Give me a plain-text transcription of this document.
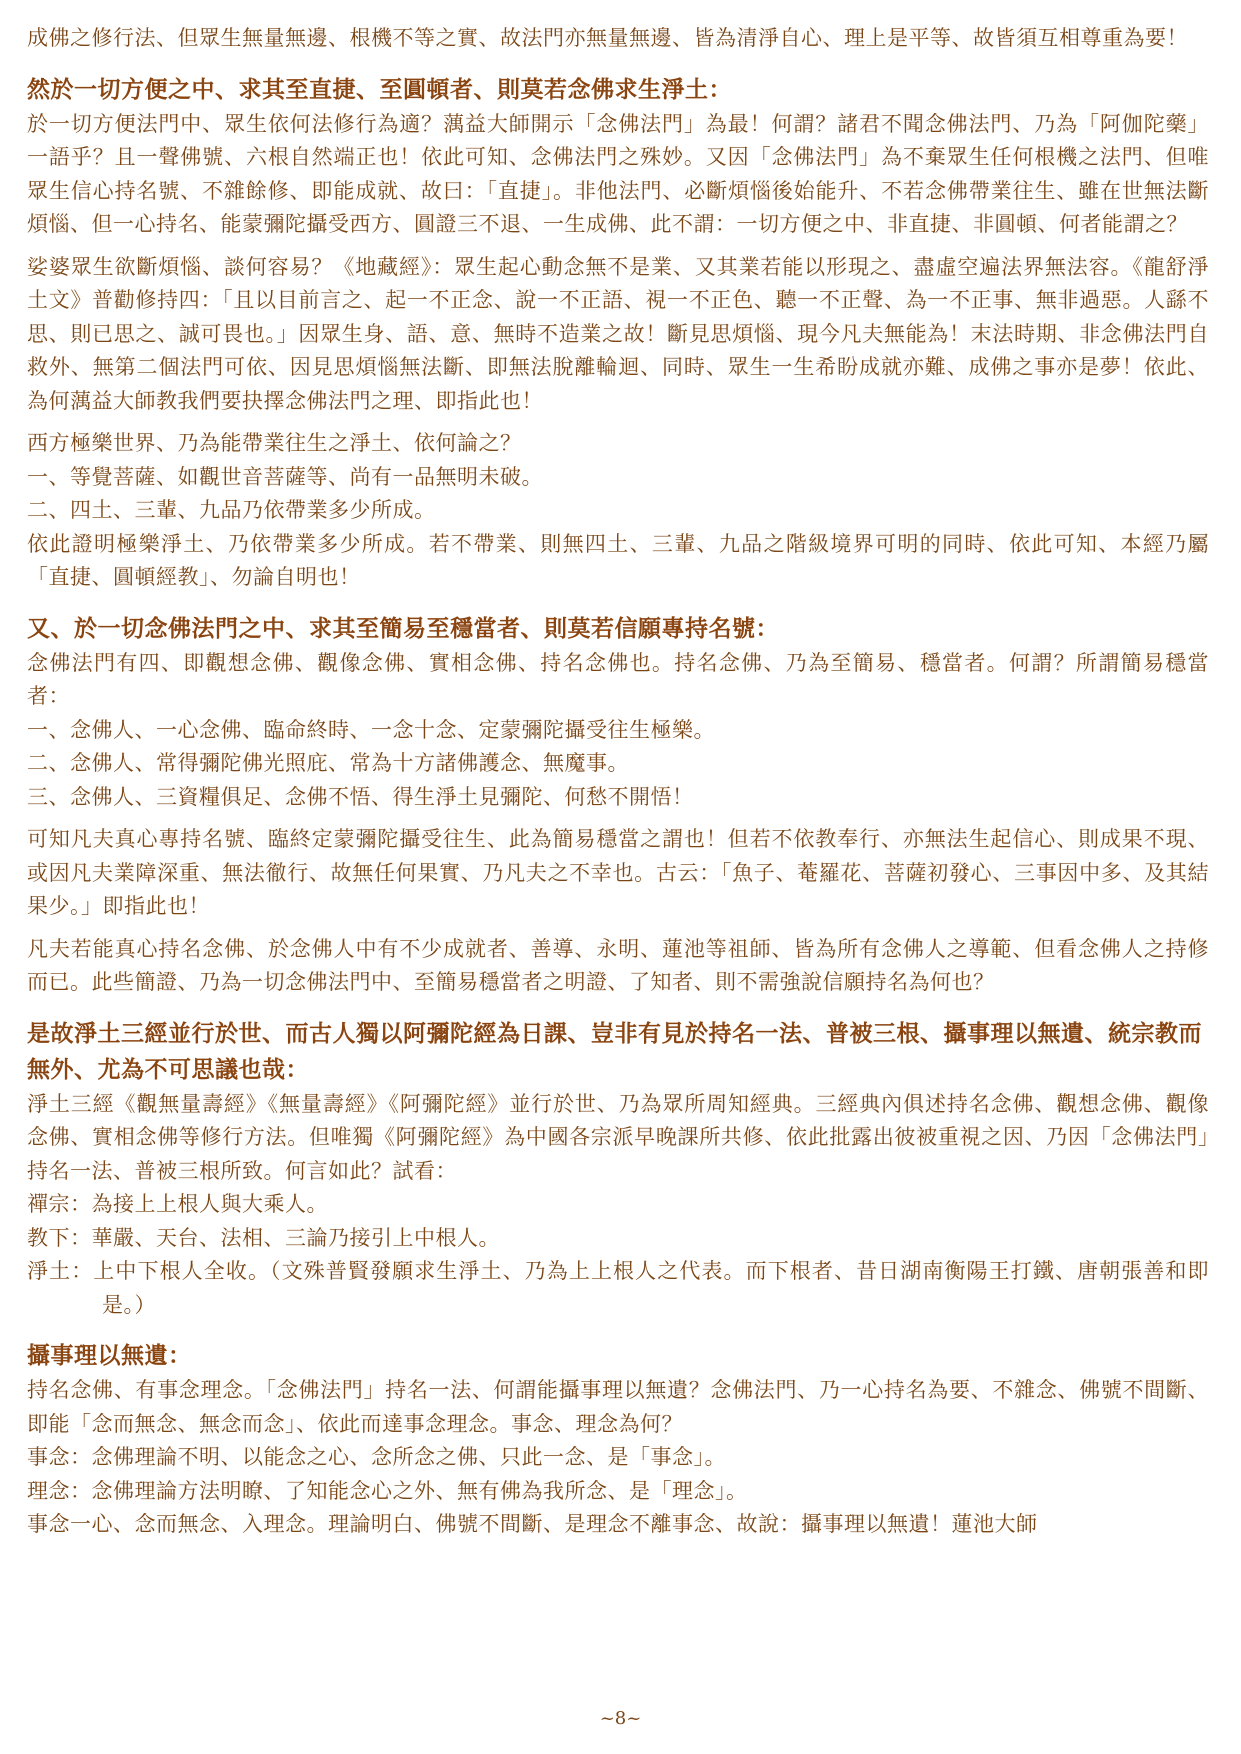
成佛之修行法、但眾生無量無邊、根機不等之實、故法門亦無量無邊、皆為清淨自心、理上是平等、故皆須互相尊重為要！

然於一切方便之中、求其至直捷、至圓頓者、則莫若念佛求生淨土：

於一切方便法門中、眾生依何法修行為適？蕅益大師開示「念佛法門」為最！何謂？諸君不聞念佛法門、乃為「阿伽陀藥」一語乎？且一聲佛號、六根自然端正也！依此可知、念佛法門之殊妙。又因「念佛法門」為不棄眾生任何根機之法門、但唯眾生信心持名號、不雜餘修、即能成就、故曰：「直捷」。非他法門、必斷煩惱後始能升、不若念佛帶業往生、雖在世無法斷煩惱、但一心持名、能蒙彌陀攝受西方、圓證三不退、一生成佛、此不謂：一切方便之中、非直捷、非圓頓、何者能謂之？

娑婆眾生欲斷煩惱、談何容易？《地藏經》：眾生起心動念無不是業、又其業若能以形現之、盡虛空遍法界無法容。《龍舒淨土文》普勸修持四：「且以目前言之、起一不正念、說一不正語、視一不正色、聽一不正聲、為一不正事、無非過惡。人繇不思、則已思之、誠可畏也。」因眾生身、語、意、無時不造業之故！斷見思煩惱、現今凡夫無能為！末法時期、非念佛法門自救外、無第二個法門可依、因見思煩惱無法斷、即無法脫離輪迴、同時、眾生一生希盼成就亦難、成佛之事亦是夢！依此、為何蕅益大師教我們要抉擇念佛法門之理、即指此也！

西方極樂世界、乃為能帶業往生之淨土、依何論之？

一、等覺菩薩、如觀世音菩薩等、尚有一品無明未破。

二、四土、三輩、九品乃依帶業多少所成。

依此證明極樂淨土、乃依帶業多少所成。若不帶業、則無四土、三輩、九品之階級境界可明的同時、依此可知、本經乃屬「直捷、圓頓經教」、勿論自明也！

又、於一切念佛法門之中、求其至簡易至穩當者、則莫若信願專持名號：

念佛法門有四、即觀想念佛、觀像念佛、實相念佛、持名念佛也。持名念佛、乃為至簡易、穩當者。何謂？所謂簡易穩當者：

一、念佛人、一心念佛、臨命終時、一念十念、定蒙彌陀攝受往生極樂。

二、念佛人、常得彌陀佛光照庇、常為十方諸佛護念、無魔事。

三、念佛人、三資糧俱足、念佛不悟、得生淨土見彌陀、何愁不開悟！

可知凡夫真心專持名號、臨終定蒙彌陀攝受往生、此為簡易穩當之謂也！但若不依教奉行、亦無法生起信心、則成果不現、或因凡夫業障深重、無法徹行、故無任何果實、乃凡夫之不幸也。古云：「魚子、菴羅花、菩薩初發心、三事因中多、及其結果少。」即指此也！

凡夫若能真心持名念佛、於念佛人中有不少成就者、善導、永明、蓮池等祖師、皆為所有念佛人之導範、但看念佛人之持修而已。此些簡證、乃為一切念佛法門中、至簡易穩當者之明證、了知者、則不需強說信願持名為何也？

是故淨土三經並行於世、而古人獨以阿彌陀經為日課、豈非有見於持名一法、普被三根、攝事理以無遺、統宗教而無外、尤為不可思議也哉：

淨土三經《觀無量壽經》《無量壽經》《阿彌陀經》並行於世、乃為眾所周知經典。三經典內俱述持名念佛、觀想念佛、觀像念佛、實相念佛等修行方法。但唯獨《阿彌陀經》為中國各宗派早晚課所共修、依此批露出彼被重視之因、乃因「念佛法門」持名一法、普被三根所致。何言如此？試看：

禪宗：為接上上根人與大乘人。

教下：華嚴、天台、法相、三論乃接引上中根人。

淨土：上中下根人全收。（文殊普賢發願求生淨土、乃為上上根人之代表。而下根者、昔日湖南衡陽王打鐵、唐朝張善和即是。）

攝事理以無遺：

持名念佛、有事念理念。「念佛法門」持名一法、何謂能攝事理以無遺？念佛法門、乃一心持名為要、不雜念、佛號不間斷、即能「念而無念、無念而念」、依此而達事念理念。事念、理念為何？

事念：念佛理論不明、以能念之心、念所念之佛、只此一念、是「事念」。

理念：念佛理論方法明瞭、了知能念心之外、無有佛為我所念、是「理念」。

事念一心、念而無念、入理念。理論明白、佛號不間斷、是理念不離事念、故說：攝事理以無遺！蓮池大師

~8~
